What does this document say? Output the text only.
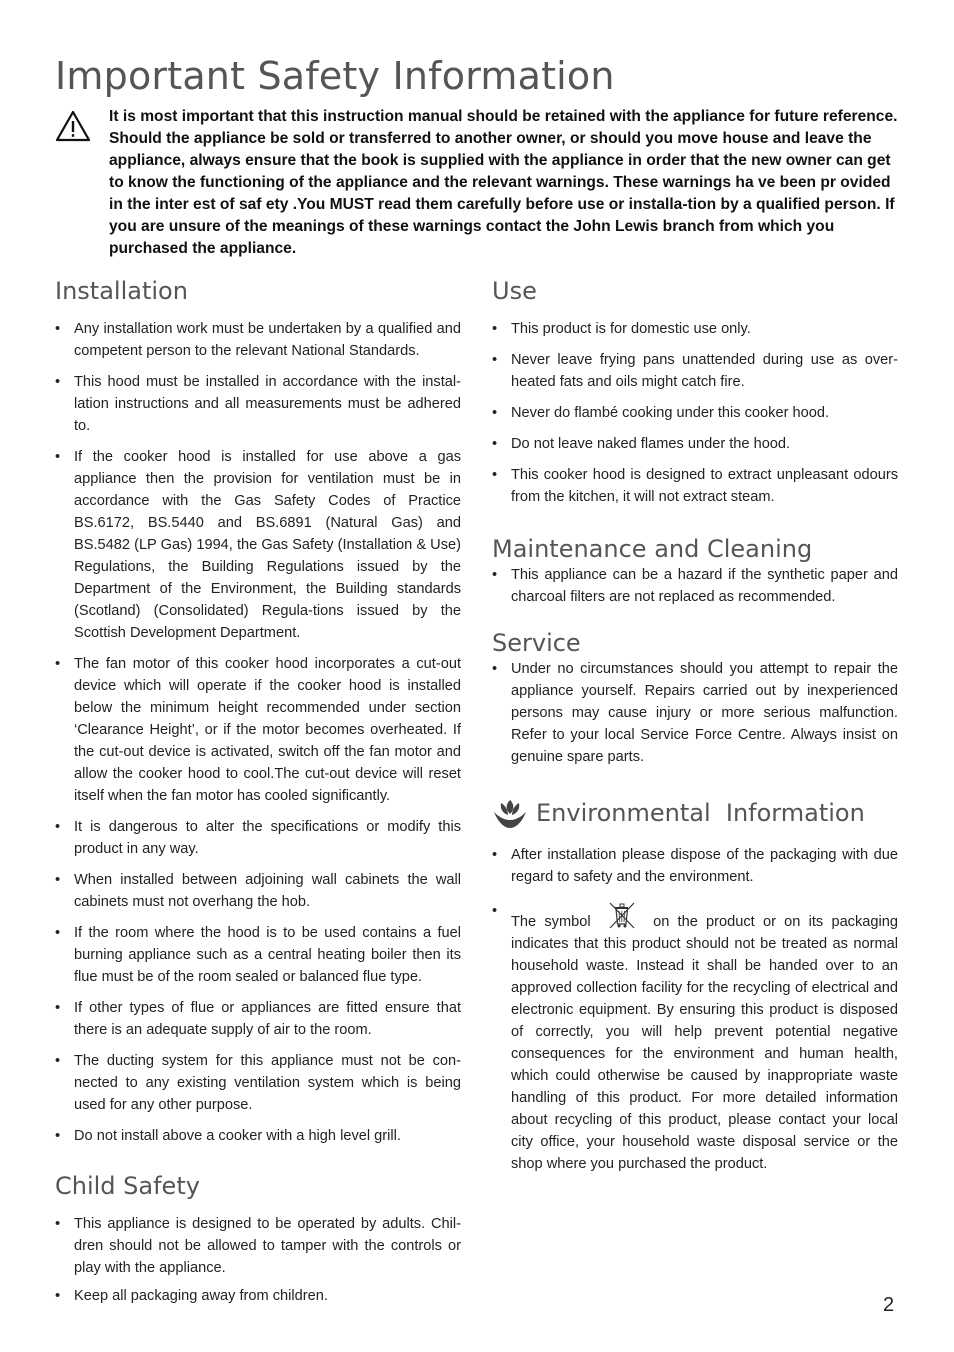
Important Safety Information

It is most important that this instruction manual should be retained with the appliance for future reference. Should the appliance be sold or transferred to another owner, or should you move house and leave the appliance, always ensure that the book is supplied with the appliance in order that the new owner can get to know the functioning of the appliance and the relevant warnings. These warnings ha ve been pr ovided in the inter est of saf ety .You MUST read them carefully before use or installa-tion by a qualified person. If you are unsure of the meanings of these warnings contact the John Lewis branch from which you purchased the appliance.

Installation
• Any installation work must be undertaken by a qualified and competent person to the relevant National Standards.
• This hood must be installed in accordance with the instal-lation instructions and all measurements must be adhered to.
• If the cooker hood is installed for use above a gas appliance then the provision for ventilation must be in accordance with the Gas Safety Codes of Practice BS.6172, BS.5440 and BS.6891 (Natural Gas) and BS.5482 (LP Gas) 1994, the Gas Safety (Installation & Use) Regulations, the Building Regulations issued by the Department of the Environment, the Building standards (Scotland) (Consolidated) Regula-tions issued by the Scottish Development Department.
• The fan motor of this cooker hood incorporates a cut-out device which will operate if the cooker hood is installed below the minimum height recommended under section ‘Clearance Height’, or if the motor becomes overheated. If the cut-out device is activated, switch off the fan motor and allow the cooker hood to cool.The cut-out device will reset itself when the fan motor has cooled significantly.
• It is dangerous to alter the specifications or modify this product in any way.
• When installed between adjoining wall cabinets the wall cabinets must not overhang the hob.
• If the room where the hood is to be used contains a fuel burning appliance such as a central heating boiler then its flue must be of the room sealed or balanced flue type.
• If other types of flue or appliances are fitted ensure that there is an adequate supply of air to the room.
• The ducting system for this appliance must not be con-nected to any existing ventilation system which is being used for any other purpose.
• Do not install above a cooker with a high level grill.
Child Safety
• This appliance is designed to be operated by adults. Chil-dren should not be allowed to tamper with the controls or play with the appliance.
• Keep all packaging away from children.
Use
• This product is for domestic use only.
• Never leave frying pans unattended during use as over-heated fats and oils might catch fire.
• Never do flambé cooking under this cooker hood.
• Do not leave naked flames under the hood.
• This cooker hood is designed to extract unpleasant odours from the kitchen, it will not extract steam.
Maintenance and Cleaning
• This appliance can be a hazard if the synthetic paper and charcoal filters are not replaced as recommended.
Service
• Under no circumstances should you attempt to repair the appliance yourself. Repairs carried out by inexperienced persons may cause injury or more serious malfunction. Refer to your local Service Force Centre. Always insist on genuine spare parts.
Environmental  Information
• After installation please dispose of the packaging with due regard to safety and the environment.
• The symbol	on the product or on its packaging indicates that this product should not be treated as normal household waste. Instead it shall be handed over to an approved collection facility for the recycling of electrical and electronic equipment. By ensuring this product is disposed of correctly, you will help prevent potential negative consequences for the environment and human health, which could otherwise be caused by inappropriate waste handling of this product. For more detailed information about recycling of this product, please contact your local city office, your household waste disposal service or the shop where you purchased the product.
2
